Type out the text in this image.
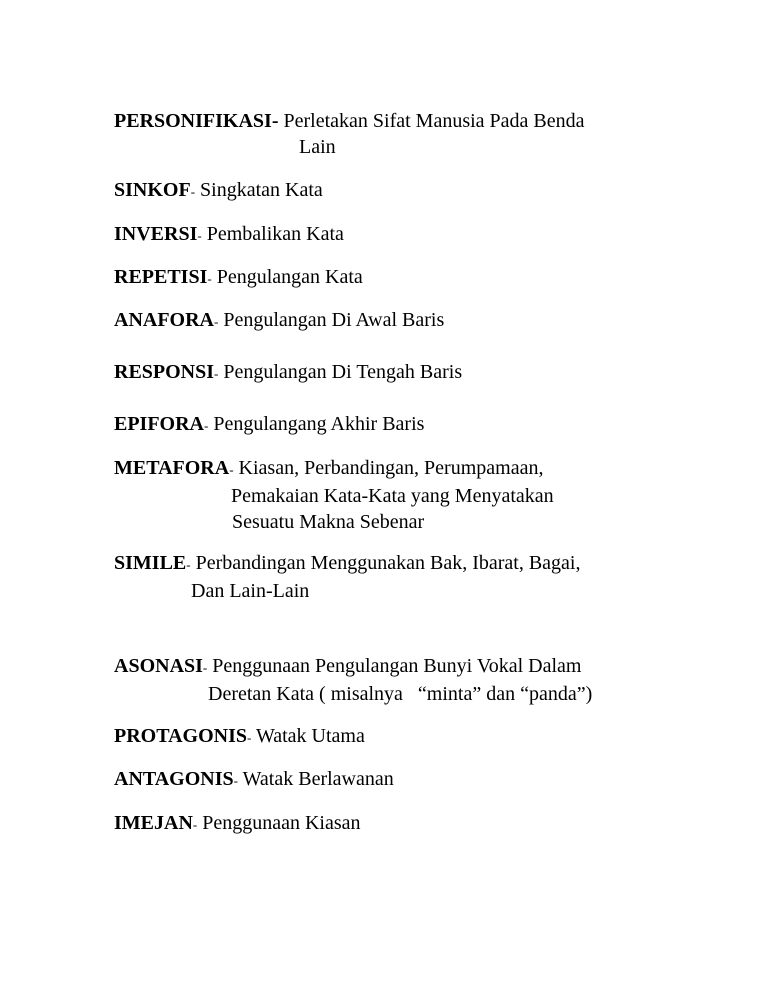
PERSONIFIKASI- Perletakan Sifat Manusia Pada Benda
Lain
SINKOF- Singkatan Kata
INVERSI- Pembalikan Kata
REPETISI- Pengulangan Kata
ANAFORA- Pengulangan Di Awal Baris
RESPONSI- Pengulangan Di Tengah Baris
EPIFORA- Pengulangang Akhir Baris
METAFORA- Kiasan, Perbandingan, Perumpamaan,
Pemakaian Kata-Kata yang Menyatakan
Sesuatu Makna Sebenar
SIMILE- Perbandingan Menggunakan Bak, Ibarat, Bagai,
Dan Lain-Lain
ASONASI- Penggunaan Pengulangan Bunyi Vokal Dalam
Deretan Kata ( misalnya   “minta” dan “panda”)
PROTAGONIS- Watak Utama
ANTAGONIS- Watak Berlawanan
IMEJAN- Penggunaan Kiasan
